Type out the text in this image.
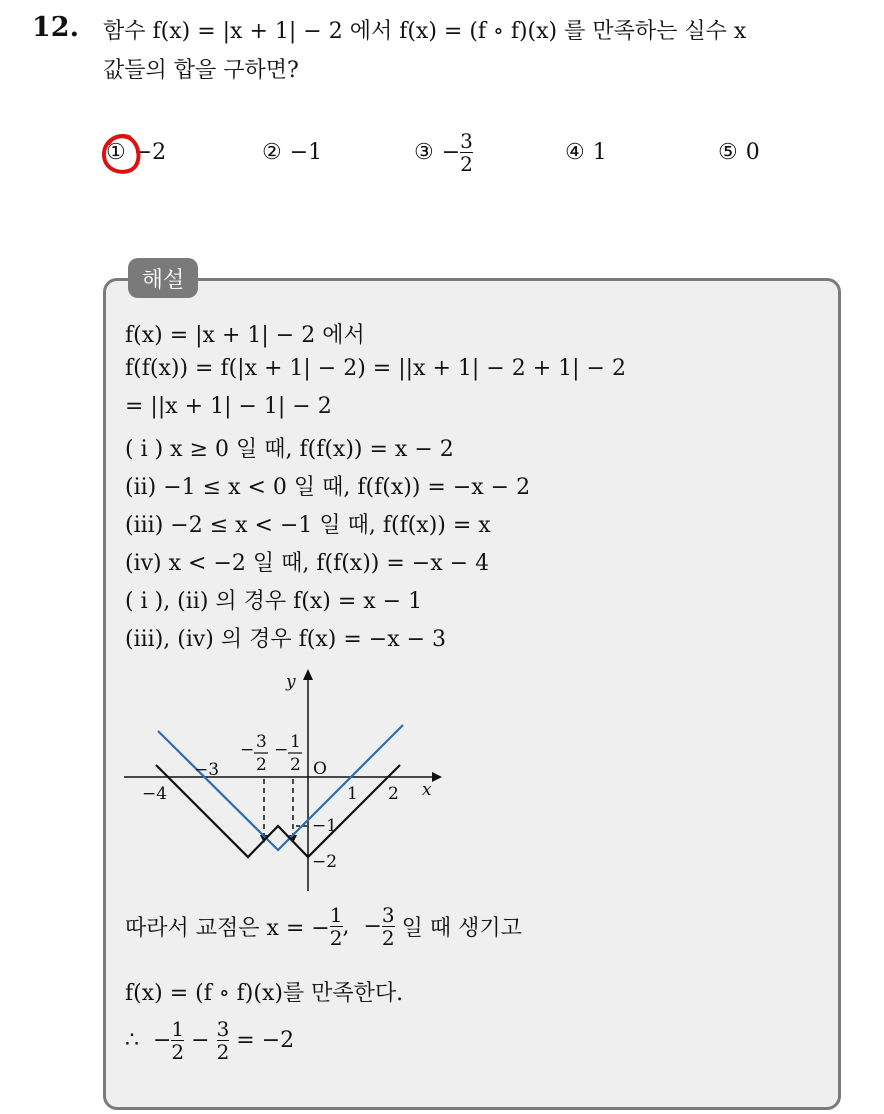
12. 함수 f(x) = |x + 1| − 2 에서 f(x) = (f ∘ f)(x) 를 만족하는 실수 x
값들의 합을 구하면?
① −2	② −1	③ − $\frac{3}{2}$	④ 1	⑤ 0
해설
f(x) = |x + 1| − 2 에서
f(f(x)) = f(|x + 1| − 2) = ||x + 1| − 2 + 1| − 2
= ||x + 1| − 1| − 2
( i ) x ≥ 0 일 때, f(f(x)) = x − 2
(ii) −1 ≤ x < 0 일 때, f(f(x)) = −x − 2
(iii) −2 ≤ x < −1 일 때, f(f(x)) = x
(iv) x < −2 일 때, f(f(x)) = −x − 4
( i ), (ii) 의 경우 f(x) = x − 1
(iii), (iv) 의 경우 f(x) = −x − 3
y
x
O
−4
−3
1 2
−1
−2
− 3
2
− 1
2
따라서 교점은 x = − $\frac{1}{2}$ ,  − $\frac{3}{2}$ 일 때 생기고
f(x) = (f ∘ f)(x)를 만족한다.
∴  − $\frac{1}{2} - \frac{3}{2} = -2$
